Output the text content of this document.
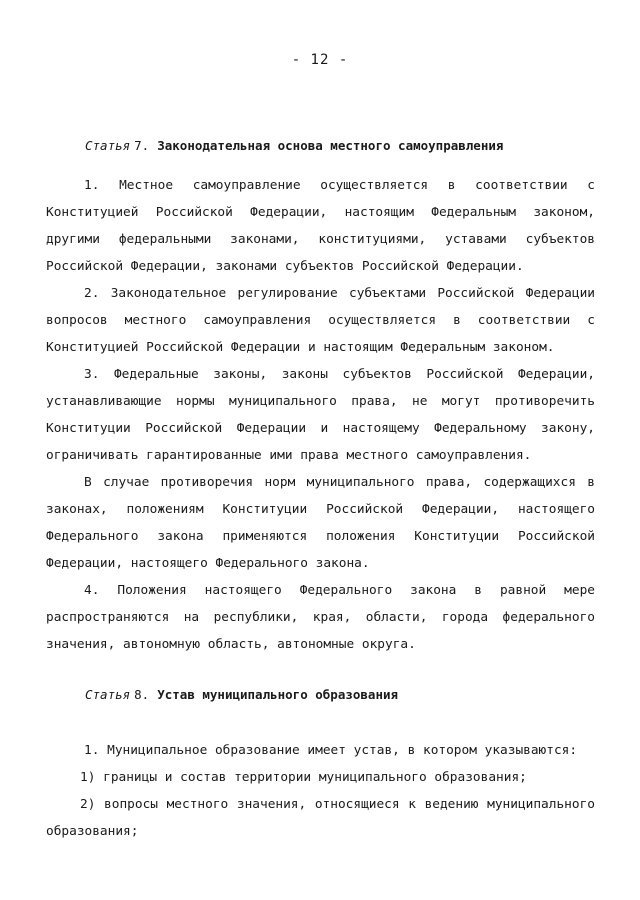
- 12 -
Статья 7. Законодательная основа местного самоуправления

1. Местное самоуправление осуществляется в соответствии с Конституцией Российской Федерации, настоящим Федеральным законом, другими федеральными законами, конституциями, уставами субъектов Российской Федерации, законами субъектов Российской Федерации.

2. Законодательное регулирование субъектами Российской Федерации вопросов местного самоуправления осуществляется в соответствии с Конституцией Российской Федерации и настоящим Федеральным законом.

3. Федеральные законы, законы субъектов Российской Федерации, устанавливающие нормы муниципального права, не могут противоречить Конституции Российской Федерации и настоящему Федеральному закону, ограничивать гарантированные ими права местного самоуправления.

В случае противоречия норм муниципального права, содержащихся в законах, положениям Конституции Российской Федерации, настоящего Федерального закона применяются положения Конституции Российской Федерации, настоящего Федерального закона.

4. Положения настоящего Федерального закона в равной мере распространяются на республики, края, области, города федерального значения, автономную область, автономные округа.

Статья 8. Устав муниципального образования

1. Муниципальное образование имеет устав, в котором указываются:

1) границы и состав территории муниципального образования;

2) вопросы местного значения, относящиеся к ведению муниципального образования;
